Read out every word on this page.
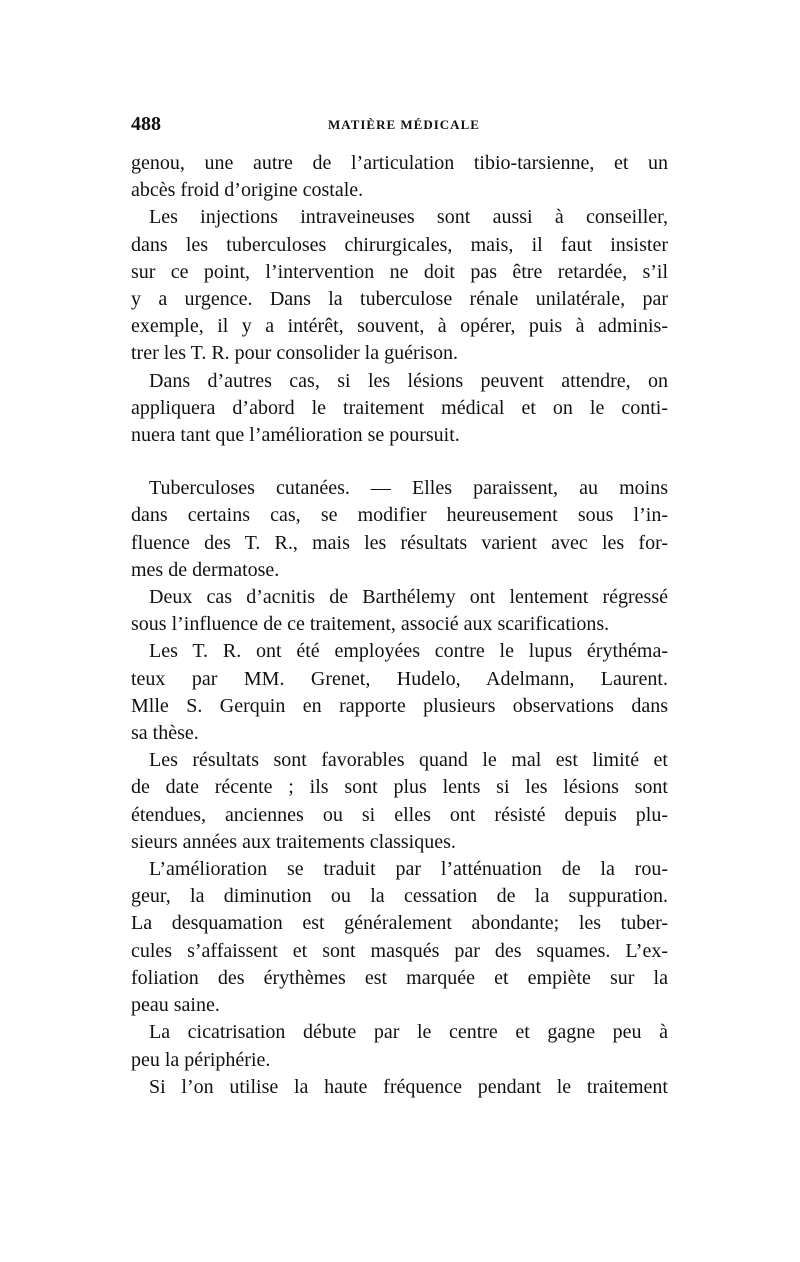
488	MATIÈRE MÉDICALE
genou, une autre de l’articulation tibio-tarsienne, et un
abcès froid d’origine costale.
Les injections intraveineuses sont aussi à conseiller,
dans les tuberculoses chirurgicales, mais, il faut insister
sur ce point, l’intervention ne doit pas être retardée, s’il
y a urgence. Dans la tuberculose rénale unilatérale, par
exemple, il y a intérêt, souvent, à opérer, puis à adminis-
trer les T. R. pour consolider la guérison.
Dans d’autres cas, si les lésions peuvent attendre, on
appliquera d’abord le traitement médical et on le conti-
nuera tant que l’amélioration se poursuit.
Tuberculoses cutanées. — Elles paraissent, au moins
dans certains cas, se modifier heureusement sous l’in-
fluence des T. R., mais les résultats varient avec les for-
mes de dermatose.
Deux cas d’acnitis de Barthélemy ont lentement régressé
sous l’influence de ce traitement, associé aux scarifications.
Les T. R. ont été employées contre le lupus érythéma-
teux par MM. Grenet, Hudelo, Adelmann, Laurent.
Mlle S. Gerquin en rapporte plusieurs observations dans
sa thèse.
Les résultats sont favorables quand le mal est limité et
de date récente ; ils sont plus lents si les lésions sont
étendues, anciennes ou si elles ont résisté depuis plu-
sieurs années aux traitements classiques.
L’amélioration se traduit par l’atténuation de la rou-
geur, la diminution ou la cessation de la suppuration.
La desquamation est généralement abondante; les tuber-
cules s’affaissent et sont masqués par des squames. L’ex-
foliation des érythèmes est marquée et empiète sur la
peau saine.
La cicatrisation débute par le centre et gagne peu à
peu la périphérie.
Si l’on utilise la haute fréquence pendant le traitement
